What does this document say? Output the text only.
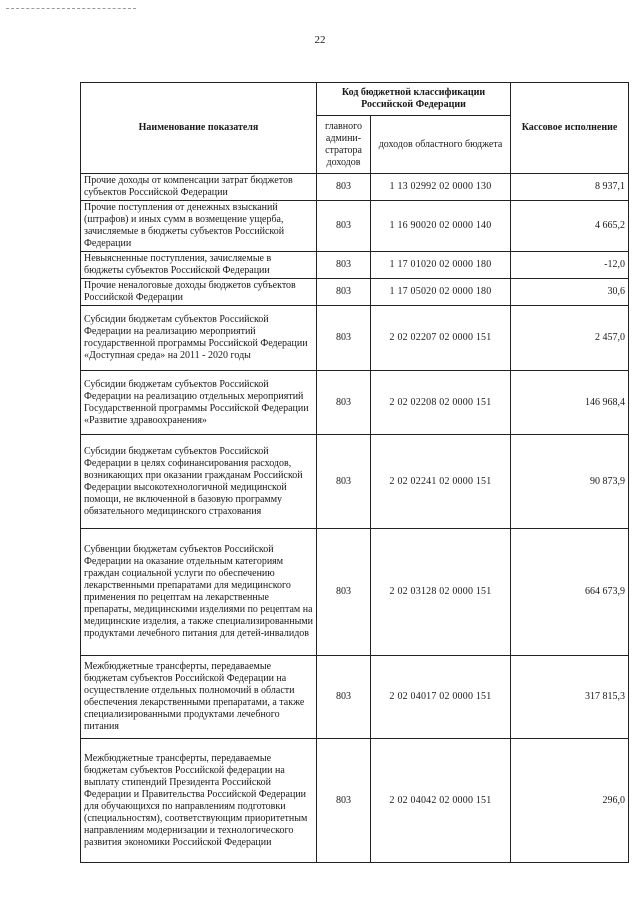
22
Наименование показателя	Код бюджетной классификации Российской Федерации		Кассовое исполнение
	главного админи-стратора доходов	доходов областного бюджета	
Прочие доходы от компенсации затрат бюджетов субъектов Российской Федерации	803	1 13 02992 02 0000 130	8 937,1
Прочие поступления от денежных взысканий (штрафов) и иных сумм в возмещение ущерба, зачисляемые в бюджеты субъектов Российской Федерации	803	1 16 90020 02 0000 140	4 665,2
Невыясненные поступления, зачисляемые в бюджеты субъектов Российской Федерации	803	1 17 01020 02 0000 180	-12,0
Прочие неналоговые доходы бюджетов субъектов Российской Федерации	803	1 17 05020 02 0000 180	30,6
Субсидии бюджетам субъектов Российской Федерации на реализацию мероприятий государственной программы Российской Федерации «Доступная среда» на 2011 - 2020 годы	803	2 02 02207 02 0000 151	2 457,0
Субсидии бюджетам субъектов Российской Федерации на реализацию отдельных мероприятий Государственной программы Российской Федерации «Развитие здравоохранения»	803	2 02 02208 02 0000 151	146 968,4
Субсидии бюджетам субъектов Российской Федерации в целях софинансирования расходов, возникающих при оказании гражданам Российской Федерации высокотехнологичной медицинской помощи, не включенной в базовую программу обязательного медицинского страхования	803	2 02 02241 02 0000 151	90 873,9
Субвенции бюджетам субъектов Российской Федерации на оказание отдельным категориям граждан социальной услуги по обеспечению лекарственными препаратами для медицинского применения по рецептам на лекарственные препараты, медицинскими изделиями по рецептам на медицинские изделия, а также специализированными продуктами лечебного питания для детей-инвалидов	803	2 02 03128 02 0000 151	664 673,9
Межбюджетные трансферты, передаваемые бюджетам субъектов Российской Федерации на осуществление отдельных полномочий в области обеспечения лекарственными препаратами, а также специализированными продуктами лечебного питания	803	2 02 04017 02 0000 151	317 815,3
Межбюджетные трансферты, передаваемые бюджетам субъектов Российской федерации на выплату стипендий Президента Российской Федерации и Правительства Российской Федерации для обучающихся по направлениям подготовки (специальностям), соответствующим приоритетным направлениям модернизации и технологического развития экономики Российской Федерации	803	2 02 04042 02 0000 151	296,0
